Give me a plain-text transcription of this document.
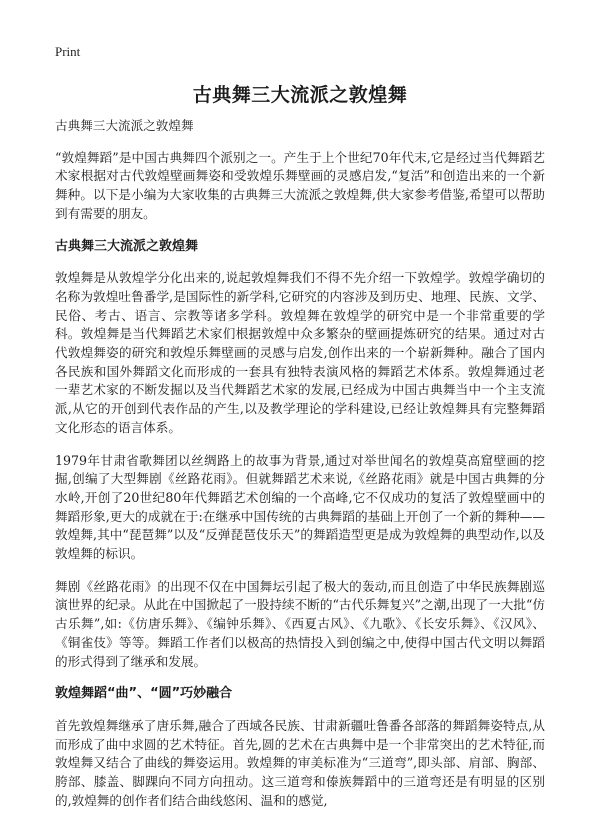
Print
古典舞三大流派之敦煌舞

古典舞三大流派之敦煌舞

“敦煌舞蹈”是中国古典舞四个派别之一。产生于上个世纪70年代末,它是经过当代舞蹈艺术家根据对古代敦煌壁画舞姿和受敦煌乐舞壁画的灵感启发,“复活”和创造出来的一个新舞种。以下是小编为大家收集的古典舞三大流派之敦煌舞,供大家参考借鉴,希望可以帮助到有需要的朋友。

古典舞三大流派之敦煌舞

敦煌舞是从敦煌学分化出来的,说起敦煌舞我们不得不先介绍一下敦煌学。敦煌学确切的名称为敦煌吐鲁番学,是国际性的新学科,它研究的内容涉及到历史、地理、民族、文学、民俗、考古、语言、宗教等诸多学科。敦煌舞在敦煌学的研究中是一个非常重要的学科。敦煌舞是当代舞蹈艺术家们根据敦煌中众多繁杂的壁画提炼研究的结果。通过对古代敦煌舞姿的研究和敦煌乐舞壁画的灵感与启发,创作出来的一个崭新舞种。融合了国内各民族和国外舞蹈文化而形成的一套具有独特表演风格的舞蹈艺术体系。敦煌舞通过老一辈艺术家的不断发掘以及当代舞蹈艺术家的发展,已经成为中国古典舞当中一个主支流派,从它的开创到代表作品的产生,以及教学理论的学科建设,已经让敦煌舞具有完整舞蹈文化形态的语言体系。

1979年甘肃省歌舞团以丝绸路上的故事为背景,通过对举世闻名的敦煌莫高窟壁画的挖掘,创编了大型舞剧《丝路花雨》。但就舞蹈艺术来说,《丝路花雨》就是中国古典舞的分水岭,开创了20世纪80年代舞蹈艺术创编的一个高峰,它不仅成功的复活了敦煌壁画中的舞蹈形象,更大的成就在于:在继承中国传统的古典舞蹈的基础上开创了一个新的舞种——敦煌舞,其中“琵琶舞”以及“反弹琵琶伎乐天”的舞蹈造型更是成为敦煌舞的典型动作,以及敦煌舞的标识。

舞剧《丝路花雨》的出现不仅在中国舞坛引起了极大的轰动,而且创造了中华民族舞剧巡演世界的纪录。从此在中国掀起了一股持续不断的“古代乐舞复兴”之潮,出现了一大批“仿古乐舞”,如:《仿唐乐舞》、《编钟乐舞》、《西夏古风》、《九歌》、《长安乐舞》、《汉风》、《铜雀伎》等等。舞蹈工作者们以极高的热情投入到创编之中,使得中国古代文明以舞蹈的形式得到了继承和发展。

敦煌舞蹈“曲”、“圆”巧妙融合

首先敦煌舞继承了唐乐舞,融合了西域各民族、甘肃新疆吐鲁番各部落的舞蹈舞姿特点,从而形成了曲中求圆的艺术特征。首先,圆的艺术在古典舞中是一个非常突出的艺术特征,而敦煌舞又结合了曲线的舞姿运用。敦煌舞的审美标准为“三道弯”,即头部、肩部、胸部、胯部、膝盖、脚踝向不同方向扭动。这三道弯和傣族舞蹈中的三道弯还是有明显的区别的,敦煌舞的创作者们结合曲线悠闲、温和的感觉,
